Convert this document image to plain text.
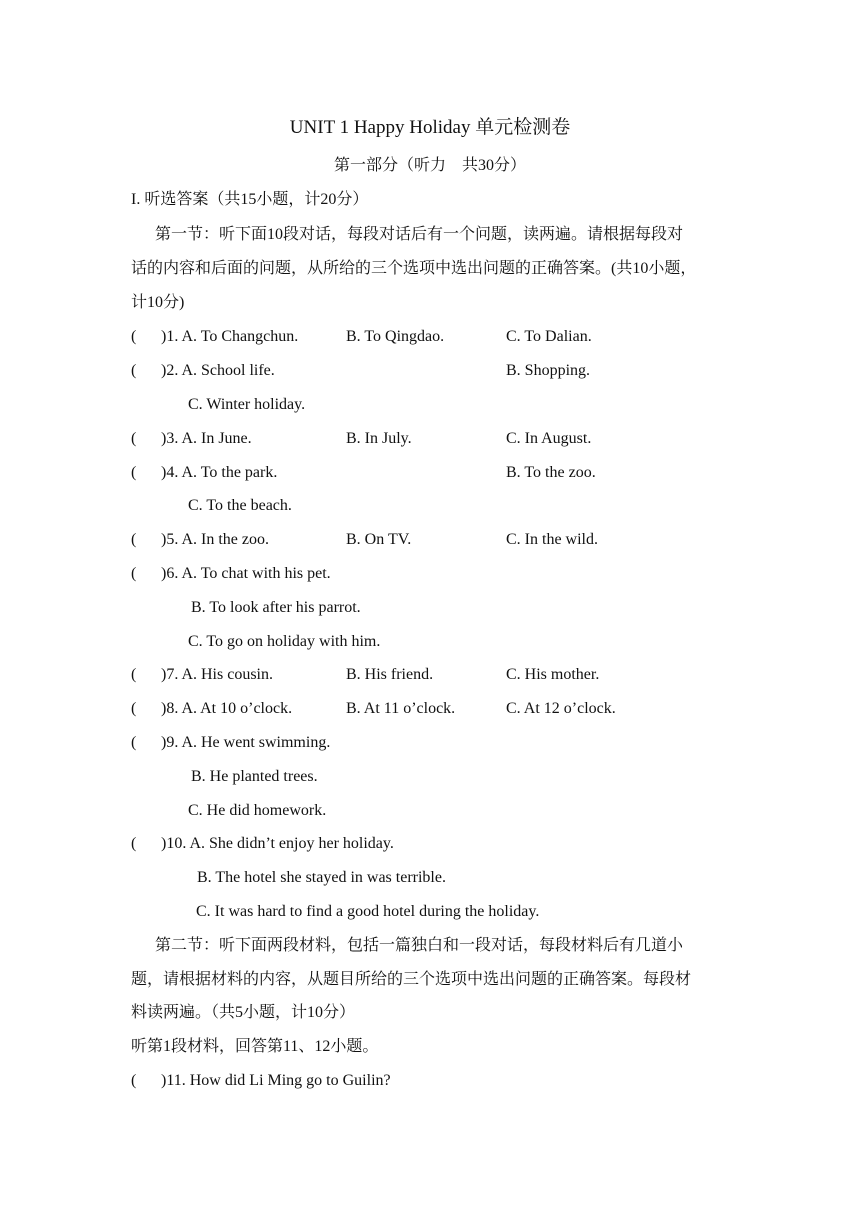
UNIT 1 Happy Holiday 单元检测卷
第一部分（听力　共30分）
I. 听选答案（共15小题，计20分）
第一节：听下面10段对话，每段对话后有一个问题，读两遍。请根据每段对
话的内容和后面的问题，从所给的三个选项中选出问题的正确答案。(共10小题，
计10分)
( )1. A. To Changchun.	B. To Qingdao.	C. To Dalian.
( )2. A. School life.	B. Shopping.
C. Winter holiday.
( )3. A. In June.	B. In July.	C. In August.
( )4. A. To the park.	B. To the zoo.
C. To the beach.
( )5. A. In the zoo.	B. On TV.	C. In the wild.
( )6. A. To chat with his pet.
B. To look after his parrot.
C. To go on holiday with him.
( )7. A. His cousin.	B. His friend.	C. His mother.
( )8. A. At 10 o’clock.	B. At 11 o’clock.	C. At 12 o’clock.
( )9. A. He went swimming.
B. He planted trees.
C. He did homework.
( )10. A. She didn’t enjoy her holiday.
B. The hotel she stayed in was terrible.
C. It was hard to find a good hotel during the holiday.
第二节：听下面两段材料，包括一篇独白和一段对话，每段材料后有几道小
题，请根据材料的内容，从题目所给的三个选项中选出问题的正确答案。每段材
料读两遍。（共5小题，计10分）
听第1段材料，回答第11、12小题。
( )11. How did Li Ming go to Guilin?
